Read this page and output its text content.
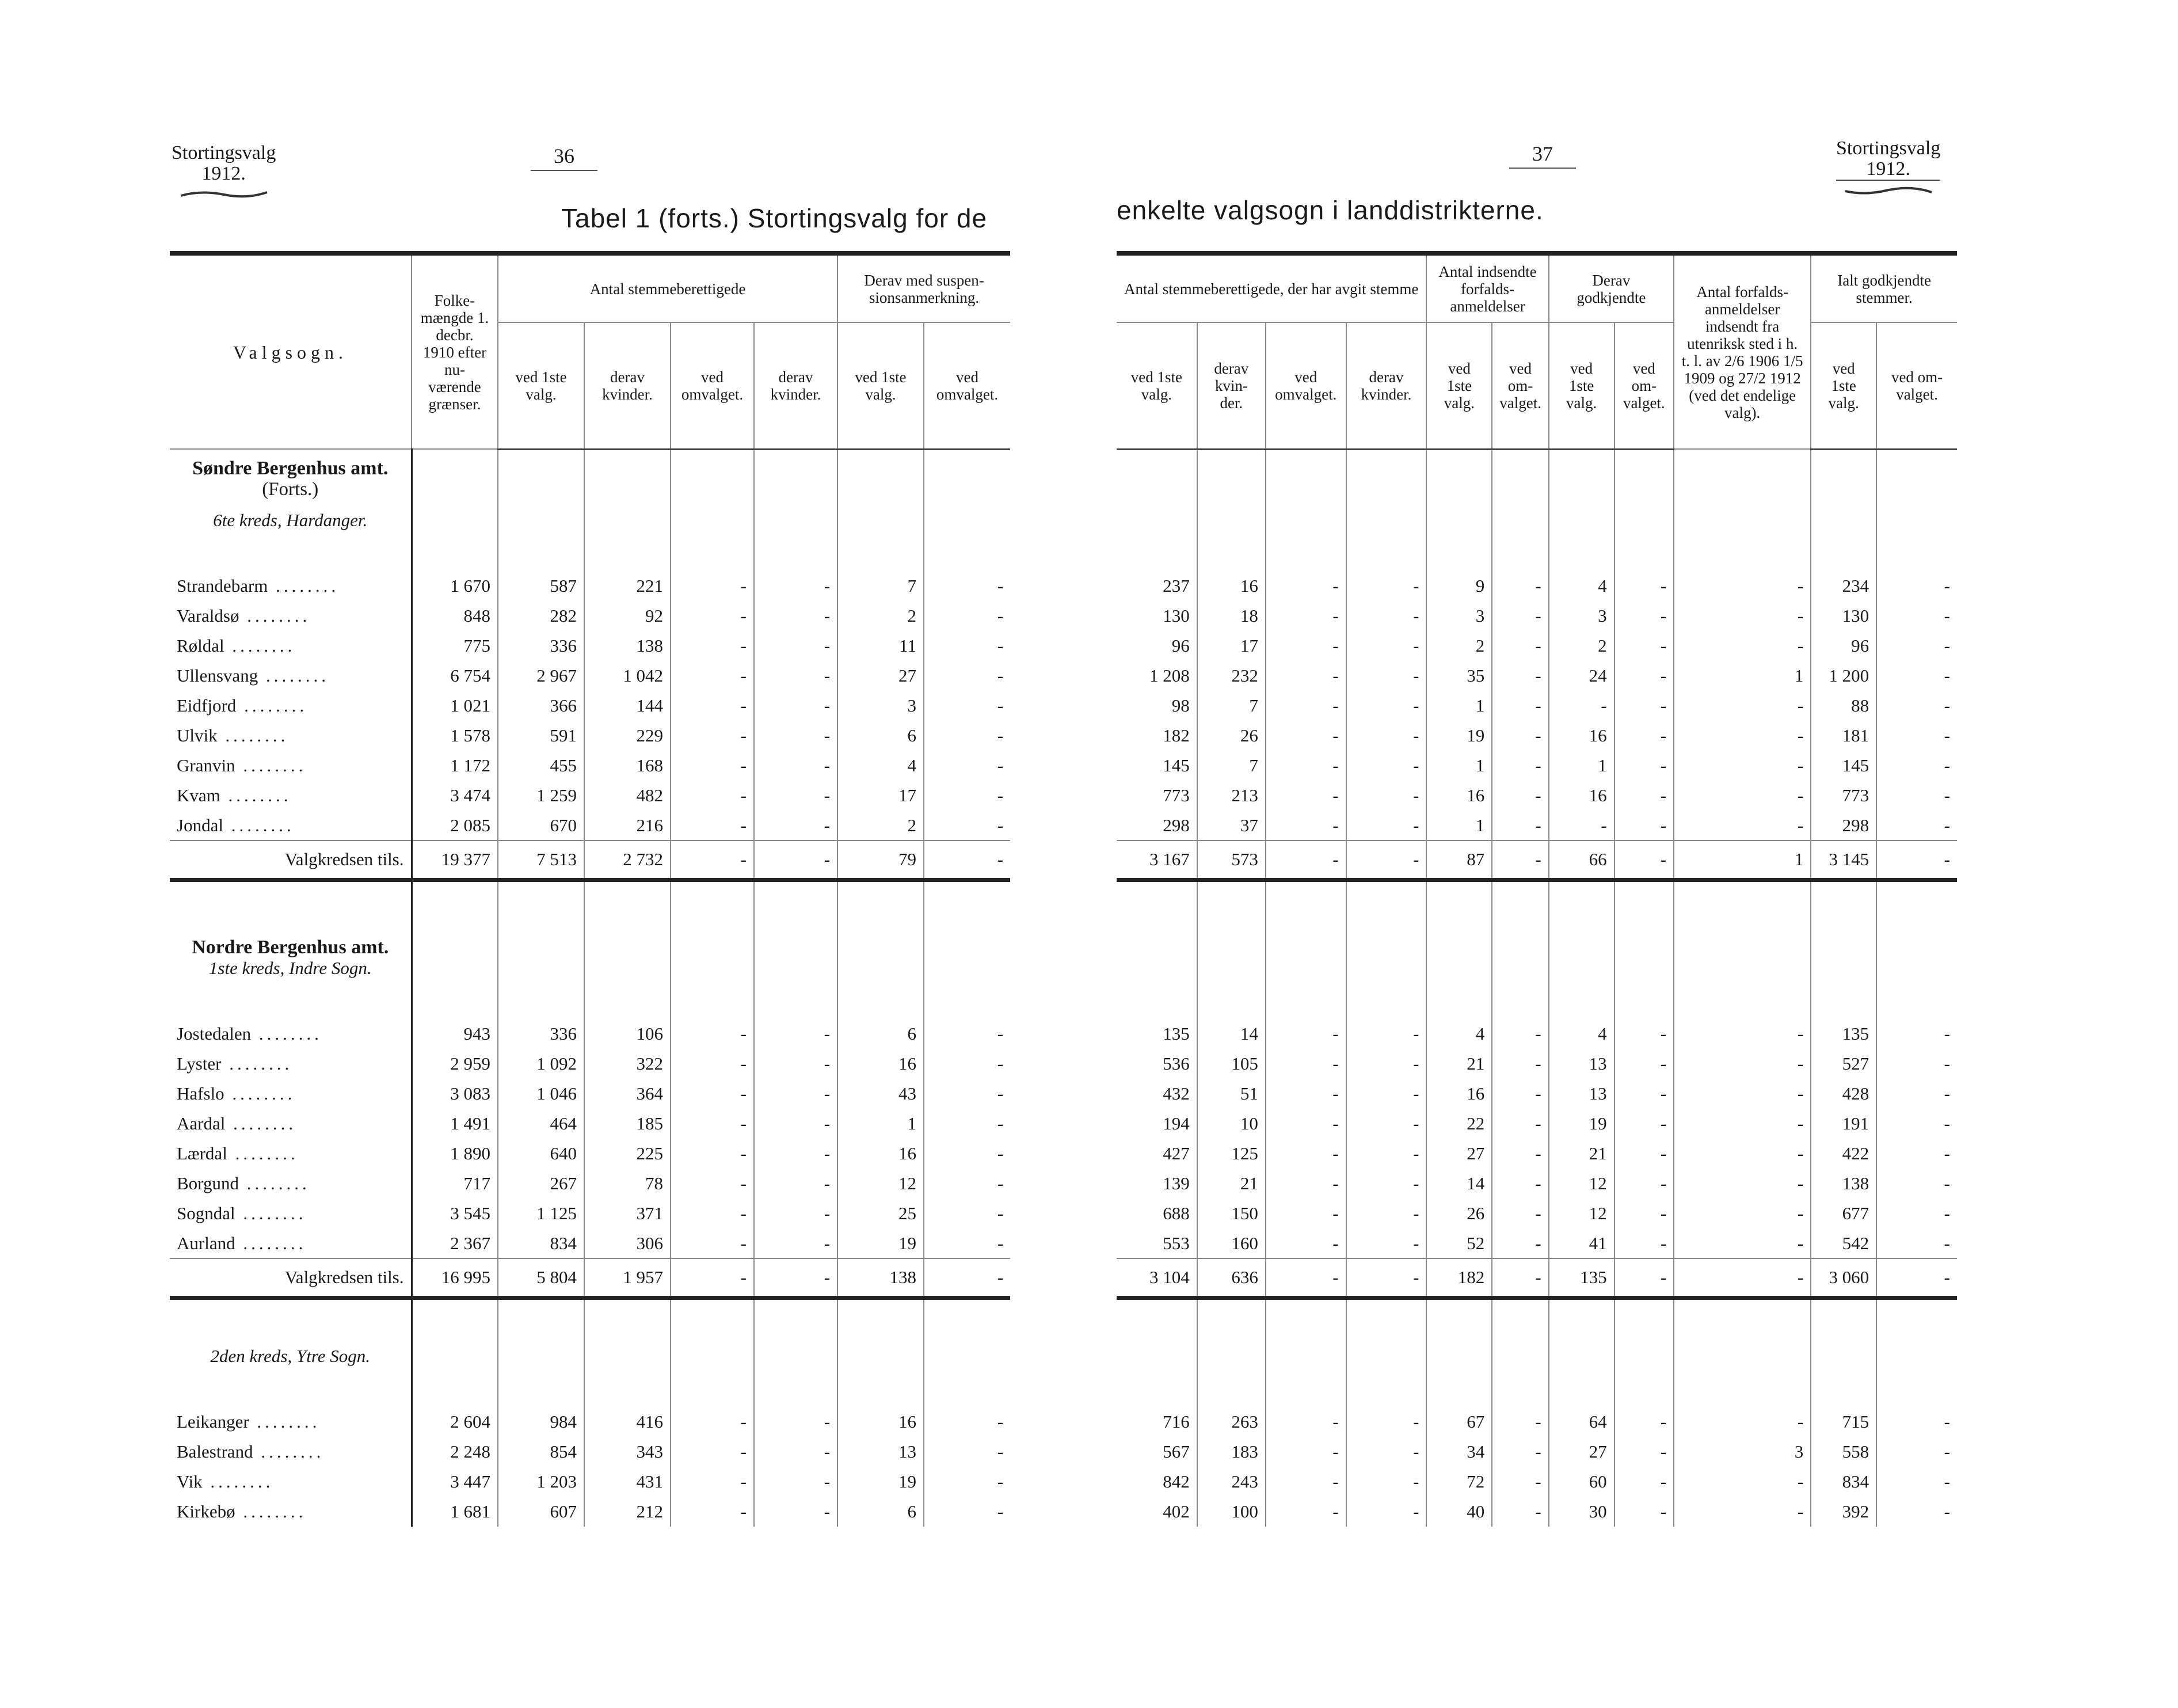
Stortingsvalg
1912.
36
Tabel 1 (forts.) Stortingsvalg for de
37
enkelte valgsogn i landdistrikterne.
Stortingsvalg
1912.
Valgsogn.	Folke-mængde 1. decbr. 1910 efter nu-værende grænser.	Antal stemmeberettigede				Derav med suspen-sionsanmerkning.	
		ved 1ste valg.	derav kvinder.	ved omvalget.	derav kvinder.	ved 1ste valg.	ved omvalget.
Søndre Bergenhus amt.							
(Forts.)							
6te kreds, Hardanger.							

Strandebarm ........	1 670	587	221	-	-	7	-
Varaldsø ........	848	282	92	-	-	2	-
Røldal ........	775	336	138	-	-	11	-
Ullensvang ........	6 754	2 967	1 042	-	-	27	-
Eidfjord ........	1 021	366	144	-	-	3	-
Ulvik ........	1 578	591	229	-	-	6	-
Granvin ........	1 172	455	168	-	-	4	-
Kvam ........	3 474	1 259	482	-	-	17	-
Jondal ........	2 085	670	216	-	-	2	-
Valgkredsen tils.	19 377	7 513	2 732	-	-	79	-

Nordre Bergenhus amt.							
1ste kreds, Indre Sogn.							

Jostedalen ........	943	336	106	-	-	6	-
Lyster ........	2 959	1 092	322	-	-	16	-
Hafslo ........	3 083	1 046	364	-	-	43	-
Aardal ........	1 491	464	185	-	-	1	-
Lærdal ........	1 890	640	225	-	-	16	-
Borgund ........	717	267	78	-	-	12	-
Sogndal ........	3 545	1 125	371	-	-	25	-
Aurland ........	2 367	834	306	-	-	19	-
Valgkredsen tils.	16 995	5 804	1 957	-	-	138	-

2den kreds, Ytre Sogn.							

Leikanger ........	2 604	984	416	-	-	16	-
Balestrand ........	2 248	854	343	-	-	13	-
Vik ........	3 447	1 203	431	-	-	19	-
Kirkebø ........	1 681	607	212	-	-	6	-
Antal stemmeberettigede, der har avgit stemme				Antal indsendte forfalds-anmeldelser		Derav godkjendte		Antal forfalds-anmeldelser indsendt fra utenriksk sted i h. t. l. av 2/6 1906 1/5 1909 og 27/2 1912 (ved det endelige valg).	Ialt godkjendte stemmer.	
ved 1ste valg.	derav kvin-der.	ved omvalget.	derav kvinder.	ved 1ste valg.	ved om-valget.	ved 1ste valg.	ved om-valget.		ved 1ste valg.	ved om-valget.

237	16	-	-	9	-	4	-	-	234	-
130	18	-	-	3	-	3	-	-	130	-
96	17	-	-	2	-	2	-	-	96	-
1 208	232	-	-	35	-	24	-	1	1 200	-
98	7	-	-	1	-	-	-	-	88	-
182	26	-	-	19	-	16	-	-	181	-
145	7	-	-	1	-	1	-	-	145	-
773	213	-	-	16	-	16	-	-	773	-
298	37	-	-	1	-	-	-	-	298	-
3 167	573	-	-	87	-	66	-	1	3 145	-

135	14	-	-	4	-	4	-	-	135	-
536	105	-	-	21	-	13	-	-	527	-
432	51	-	-	16	-	13	-	-	428	-
194	10	-	-	22	-	19	-	-	191	-
427	125	-	-	27	-	21	-	-	422	-
139	21	-	-	14	-	12	-	-	138	-
688	150	-	-	26	-	12	-	-	677	-
553	160	-	-	52	-	41	-	-	542	-
3 104	636	-	-	182	-	135	-	-	3 060	-

716	263	-	-	67	-	64	-	-	715	-
567	183	-	-	34	-	27	-	3	558	-
842	243	-	-	72	-	60	-	-	834	-
402	100	-	-	40	-	30	-	-	392	-
